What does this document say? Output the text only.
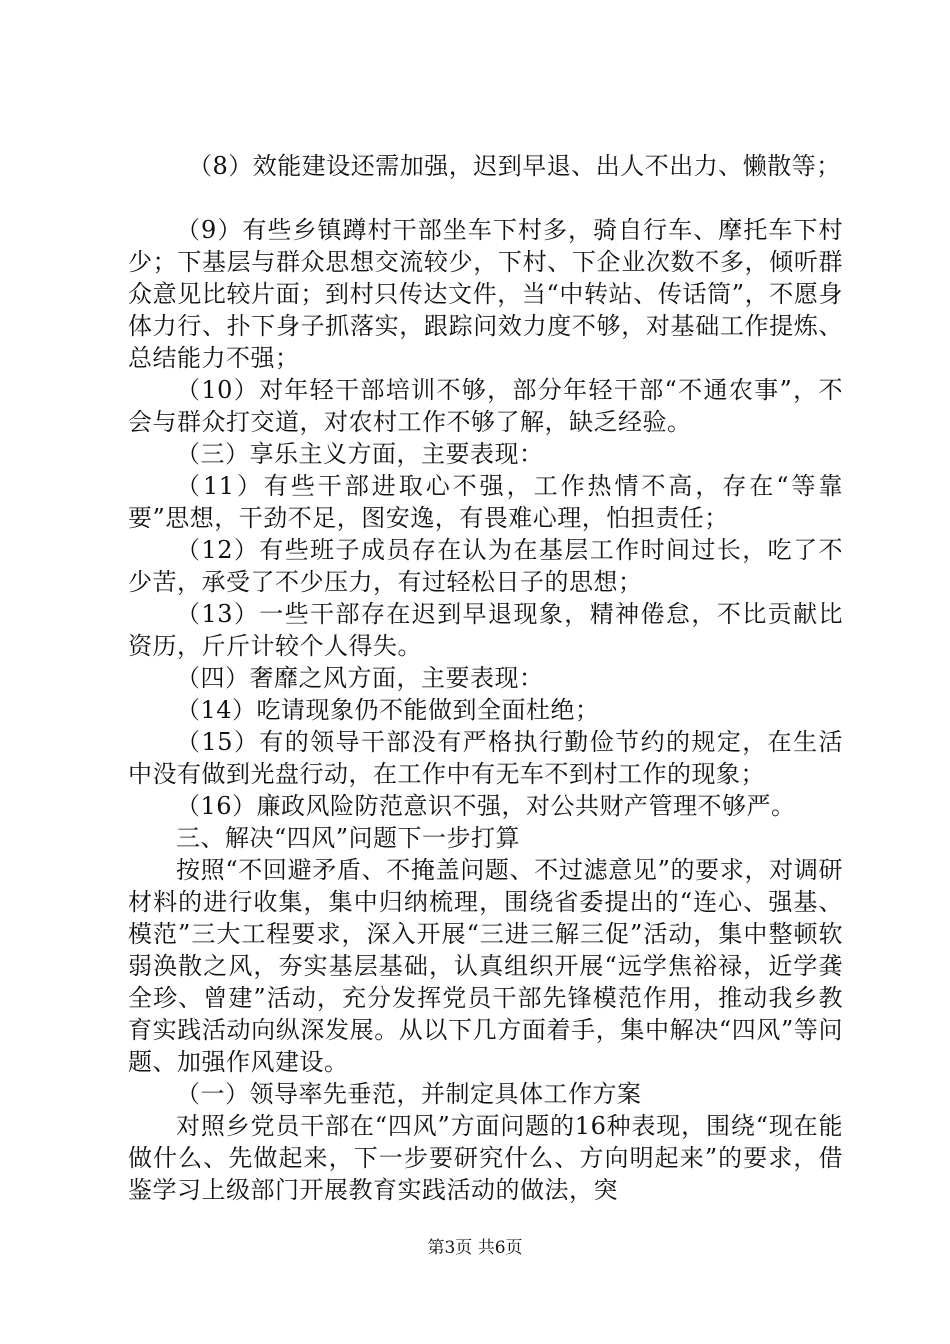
（8）效能建设还需加强，迟到早退、出人不出力、懒散等；

（9）有些乡镇蹲村干部坐车下村多，骑自行车、摩托车下村少；下基层与群众思想交流较少，下村、下企业次数不多，倾听群众意见比较片面；到村只传达文件，当“中转站、传话筒”，不愿身体力行、扑下身子抓落实，跟踪问效力度不够，对基础工作提炼、总结能力不强；

（10）对年轻干部培训不够，部分年轻干部“不通农事”，不会与群众打交道，对农村工作不够了解，缺乏经验。

（三）享乐主义方面，主要表现：

（11）有些干部进取心不强，工作热情不高，存在“等靠要”思想，干劲不足，图安逸，有畏难心理，怕担责任；

（12）有些班子成员存在认为在基层工作时间过长，吃了不少苦，承受了不少压力，有过轻松日子的思想；

（13）一些干部存在迟到早退现象，精神倦怠，不比贡献比资历，斤斤计较个人得失。

（四）奢靡之风方面，主要表现：

（14）吃请现象仍不能做到全面杜绝；

（15）有的领导干部没有严格执行勤俭节约的规定，在生活中没有做到光盘行动，在工作中有无车不到村工作的现象；

（16）廉政风险防范意识不强，对公共财产管理不够严。

三、解决“四风”问题下一步打算

按照“不回避矛盾、不掩盖问题、不过滤意见”的要求，对调研材料的进行收集，集中归纳梳理，围绕省委提出的“连心、强基、模范”三大工程要求，深入开展“三进三解三促”活动，集中整顿软弱涣散之风，夯实基层基础，认真组织开展“远学焦裕禄，近学龚全珍、曾建”活动，充分发挥党员干部先锋模范作用，推动我乡教育实践活动向纵深发展。从以下几方面着手，集中解决“四风”等问题、加强作风建设。

（一）领导率先垂范，并制定具体工作方案

对照乡党员干部在“四风”方面问题的16种表现，围绕“现在能做什么、先做起来，下一步要研究什么、方向明起来”的要求，借鉴学习上级部门开展教育实践活动的做法，突

第3页 共6页
